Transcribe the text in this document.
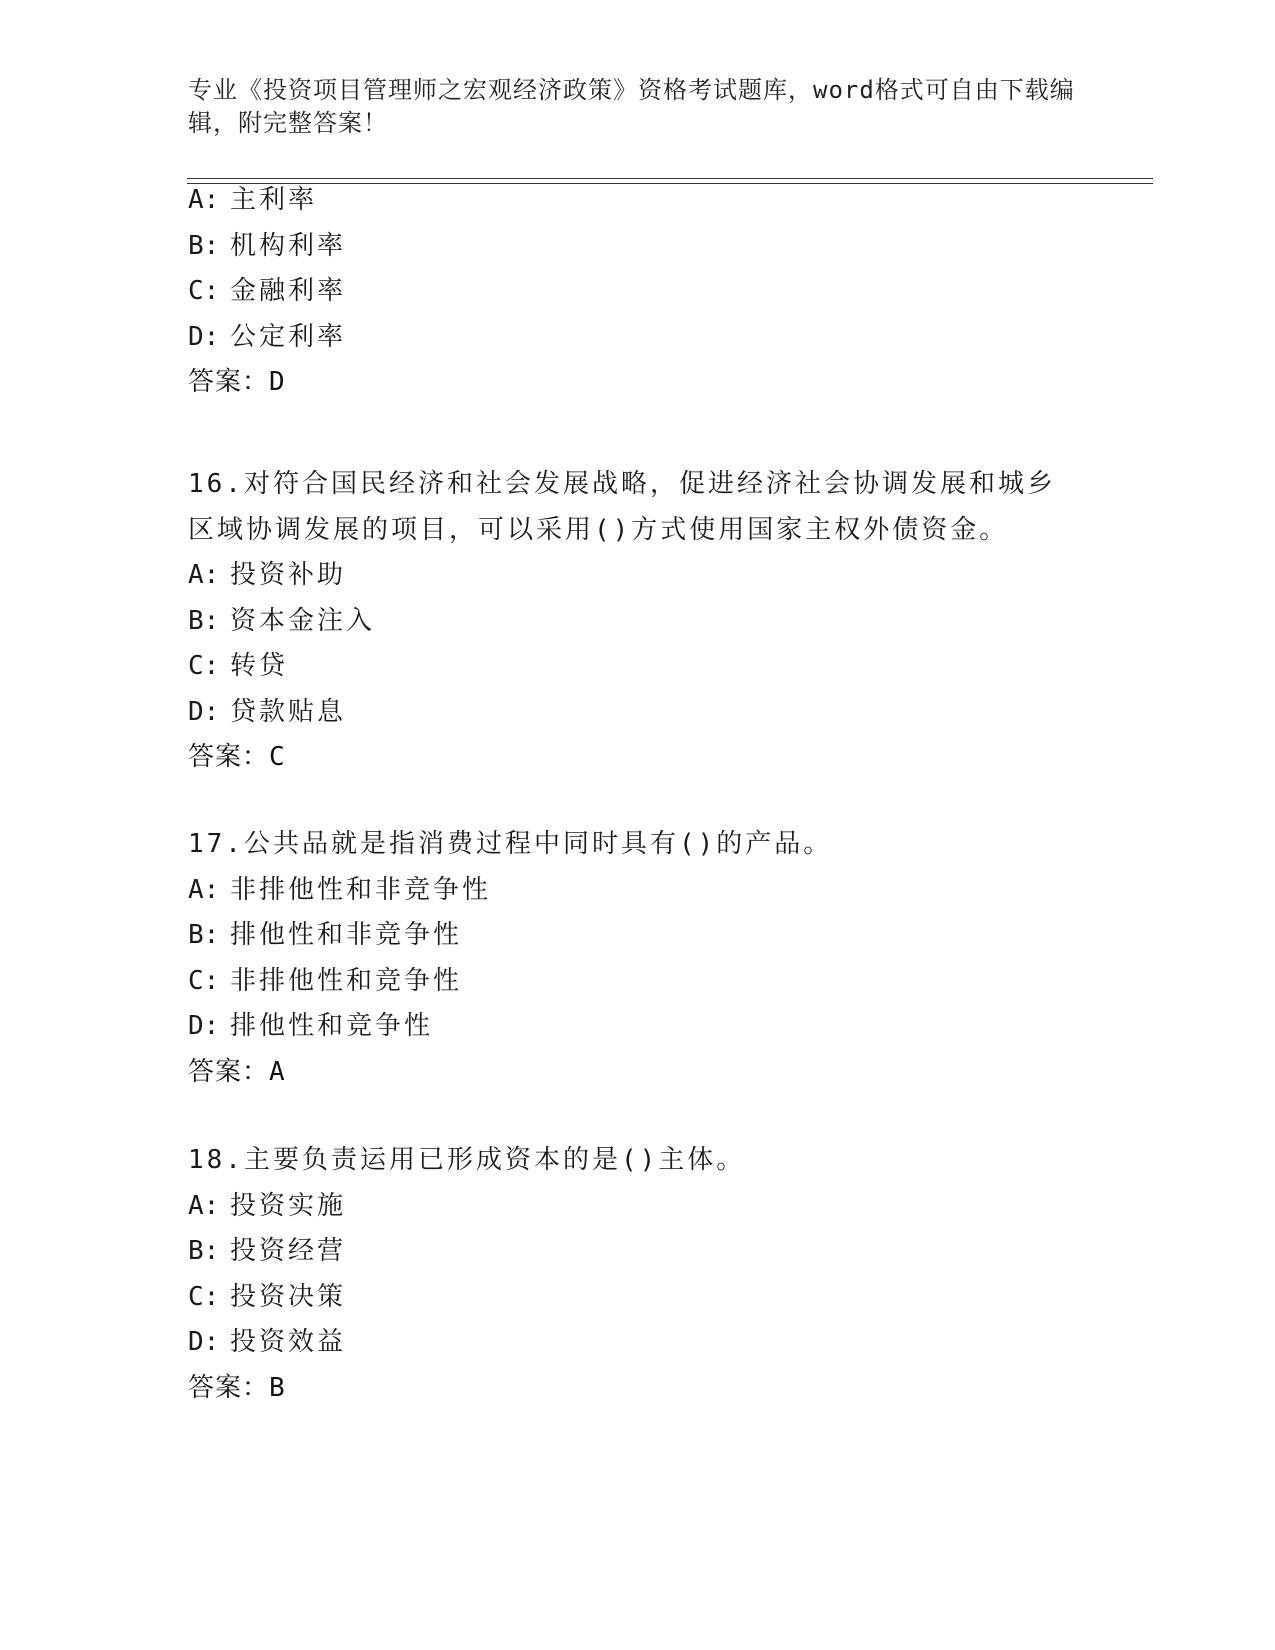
专业《投资项目管理师之宏观经济政策》资格考试题库，word格式可自由下载编辑，附完整答案！
A: 主利率
B: 机构利率
C: 金融利率
D: 公定利率
答案：D
16.对符合国民经济和社会发展战略，促进经济社会协调发展和城乡区域协调发展的项目，可以采用()方式使用国家主权外债资金。
A: 投资补助
B: 资本金注入
C: 转贷
D: 贷款贴息
答案：C
17.公共品就是指消费过程中同时具有()的产品。
A: 非排他性和非竞争性
B: 排他性和非竞争性
C: 非排他性和竞争性
D: 排他性和竞争性
答案：A
18.主要负责运用已形成资本的是()主体。
A: 投资实施
B: 投资经营
C: 投资决策
D: 投资效益
答案：B
